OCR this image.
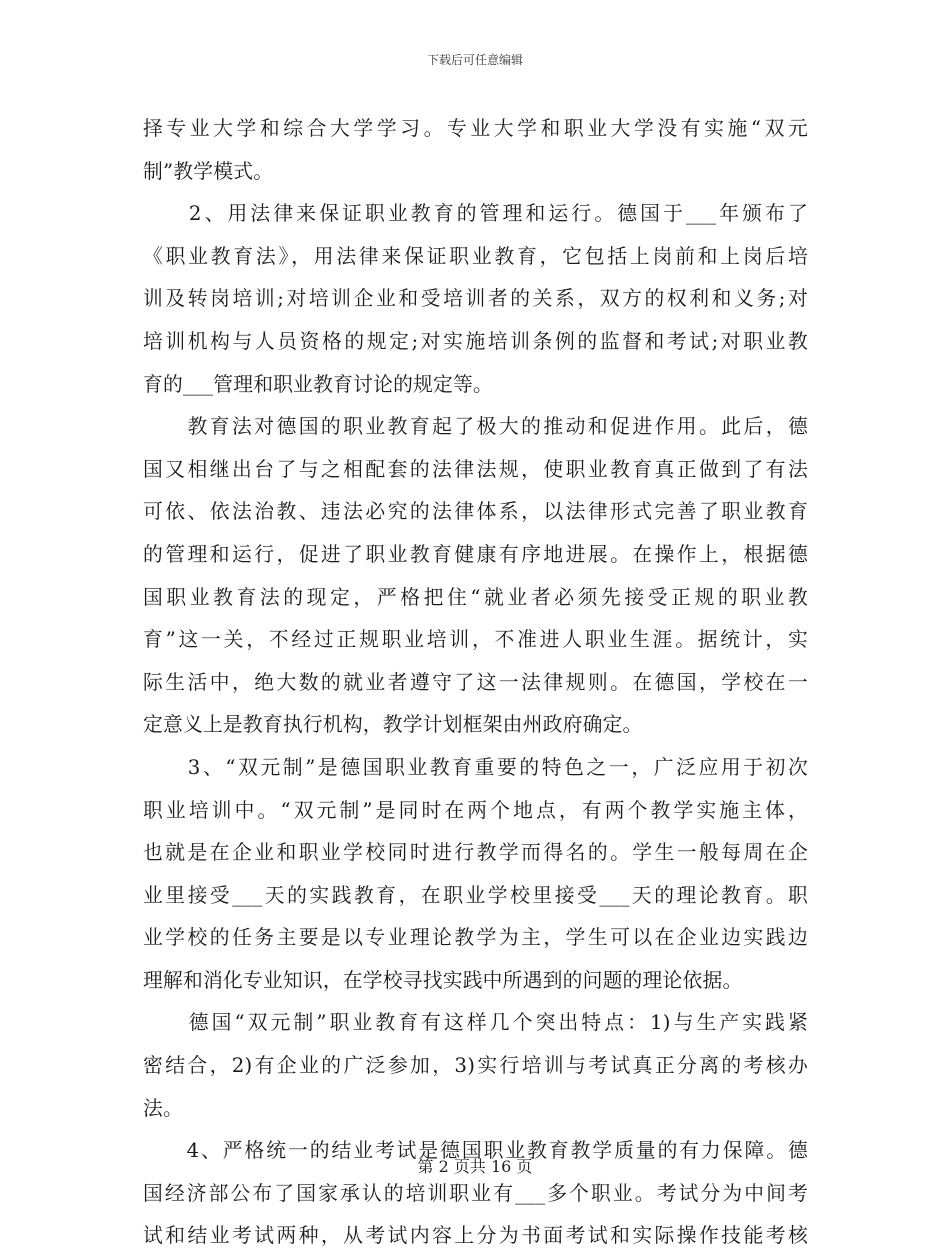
下载后可任意编辑
择专业大学和综合大学学习。专业大学和职业大学没有实施“双元
制”教学模式。
　　2、用法律来保证职业教育的管理和运行。德国于___年颁布了
《职业教育法》，用法律来保证职业教育，它包括上岗前和上岗后培
训及转岗培训;对培训企业和受培训者的关系，双方的权利和义务;对
培训机构与人员资格的规定;对实施培训条例的监督和考试;对职业教
育的___管理和职业教育讨论的规定等。
　　教育法对德国的职业教育起了极大的推动和促进作用。此后，德
国又相继出台了与之相配套的法律法规，使职业教育真正做到了有法
可依、依法治教、违法必究的法律体系，以法律形式完善了职业教育
的管理和运行，促进了职业教育健康有序地进展。在操作上，根据德
国职业教育法的现定，严格把住“就业者必须先接受正规的职业教
育”这一关，不经过正规职业培训，不准进人职业生涯。据统计，实
际生活中，绝大数的就业者遵守了这一法律规则。在德国，学校在一
定意义上是教育执行机构，教学计划框架由州政府确定。
　　3、“双元制”是德国职业教育重要的特色之一，广泛应用于初次
职业培训中。“双元制”是同时在两个地点，有两个教学实施主体，
也就是在企业和职业学校同时进行教学而得名的。学生一般每周在企
业里接受___天的实践教育，在职业学校里接受___天的理论教育。职
业学校的任务主要是以专业理论教学为主，学生可以在企业边实践边
理解和消化专业知识，在学校寻找实践中所遇到的问题的理论依据。
　　德国“双元制”职业教育有这样几个突出特点：1)与生产实践紧
密结合，2)有企业的广泛参加，3)实行培训与考试真正分离的考核办
法。
　　4、严格统一的结业考试是德国职业教育教学质量的有力保障。德
国经济部公布了国家承认的培训职业有___多个职业。考试分为中间考
试和结业考试两种，从考试内容上分为书面考试和实际操作技能考核
第 2 页共 16 页
